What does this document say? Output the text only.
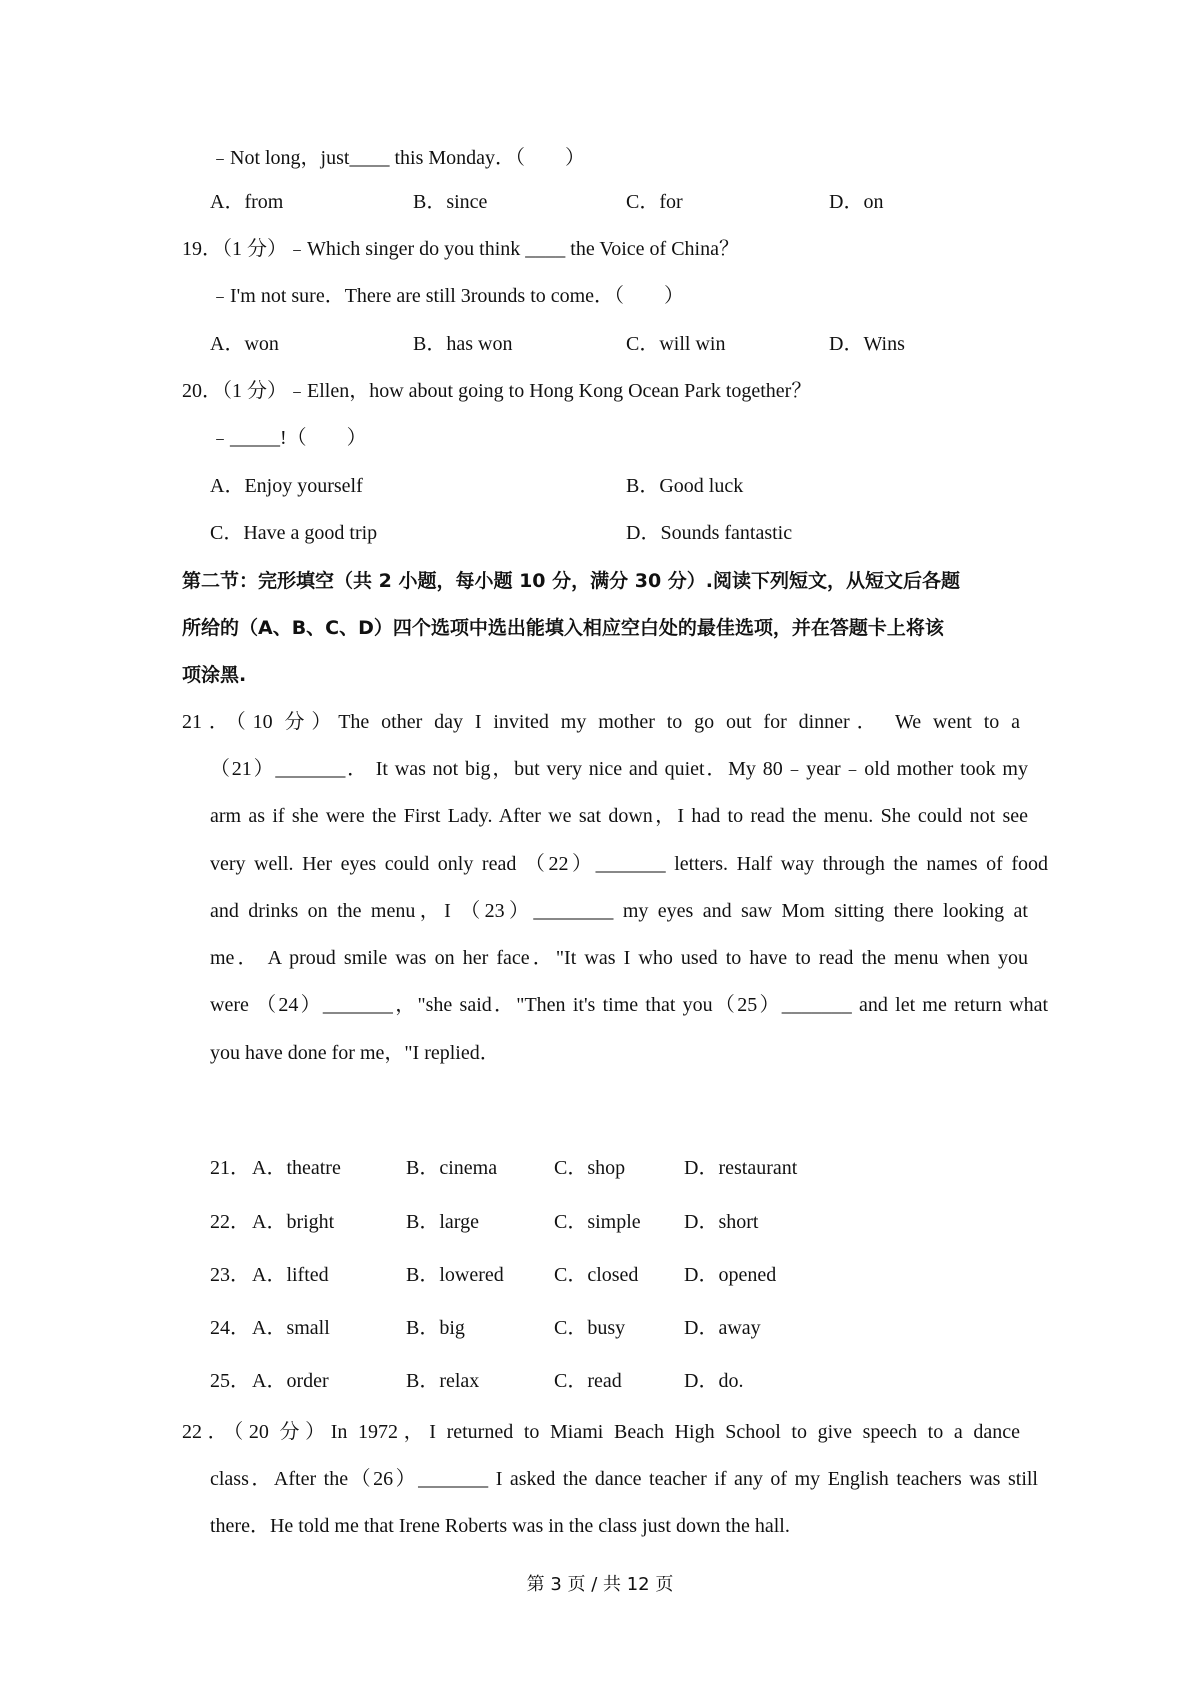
﹣Not long，just____ this Monday．（　　）
A．from	B．since	C．for	D．on
19．（1 分）﹣Which singer do you think ____ the Voice of China？
﹣I'm not sure．There are still 3rounds to come．（　　）
A．won	B．has won	C．will win	D．Wins
20．（1 分）﹣Ellen，how about going to Hong Kong Ocean Park together？
﹣_____!（　　）
A．Enjoy yourself	B．Good luck
C．Have a good trip	D．Sounds fantastic
第二节：完形填空（共 2 小题，每小题 10 分，满分 30 分）.阅读下列短文，从短文后各题
所给的（A、B、C、D）四个选项中选出能填入相应空白处的最佳选项，并在答题卡上将该
项涂黑.
21．（10 分）The other day I invited my mother to go out for dinner． We went to a
（21）_______． It was not big，but very nice and quiet．My 80﹣year﹣old mother took my
arm as if she were the First Lady. After we sat down，I had to read the menu. She could not see
very well. Her eyes could only read （22）_______ letters. Half way through the names of food
and drinks on the menu，I （23）________ my eyes and saw Mom sitting there looking at
me． A proud smile was on her face．"It was I who used to have to read the menu when you
were （24）_______，"she said．"Then it's time that you（25）_______ and let me return what
you have done for me，"I replied．
21． A．theatre	B．cinema	C．shop	D．restaurant
22． A．bright	B．large	C．simple D．short
23． A．lifted	B．lowered	C．closed D．opened
24． A．small	B．big	C．busy	D．away
25． A．order	B．relax	C．read	D．do.
22．（20 分）In 1972，I returned to Miami Beach High School to give speech to a dance
class．After the（26）_______ I asked the dance teacher if any of my English teachers was still
there．He told me that Irene Roberts was in the class just down the hall.
第 3 页 / 共 12 页
